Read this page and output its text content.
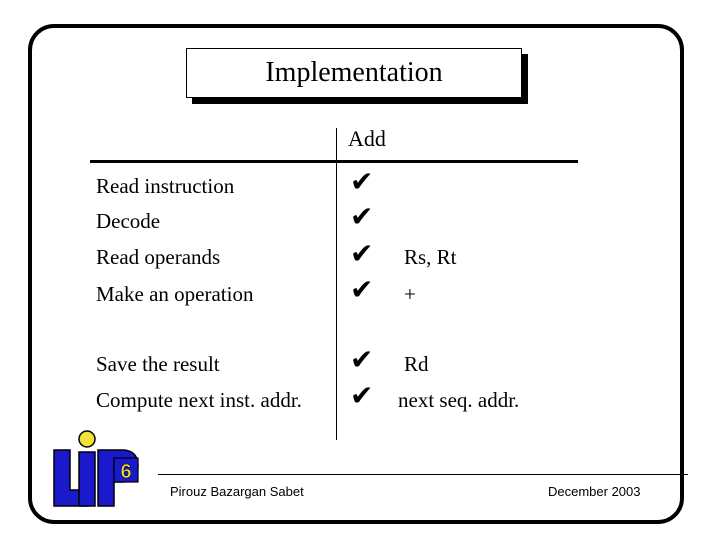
Implementation
Add
Read instruction	✔
Decode	✔
Read operands	✔ Rs, Rt
Make an operation	✔ +
Save the result	✔ Rd
Compute next inst. addr. ✔ next seq. addr.
6
Pirouz Bazargan Sabet	December 2003
